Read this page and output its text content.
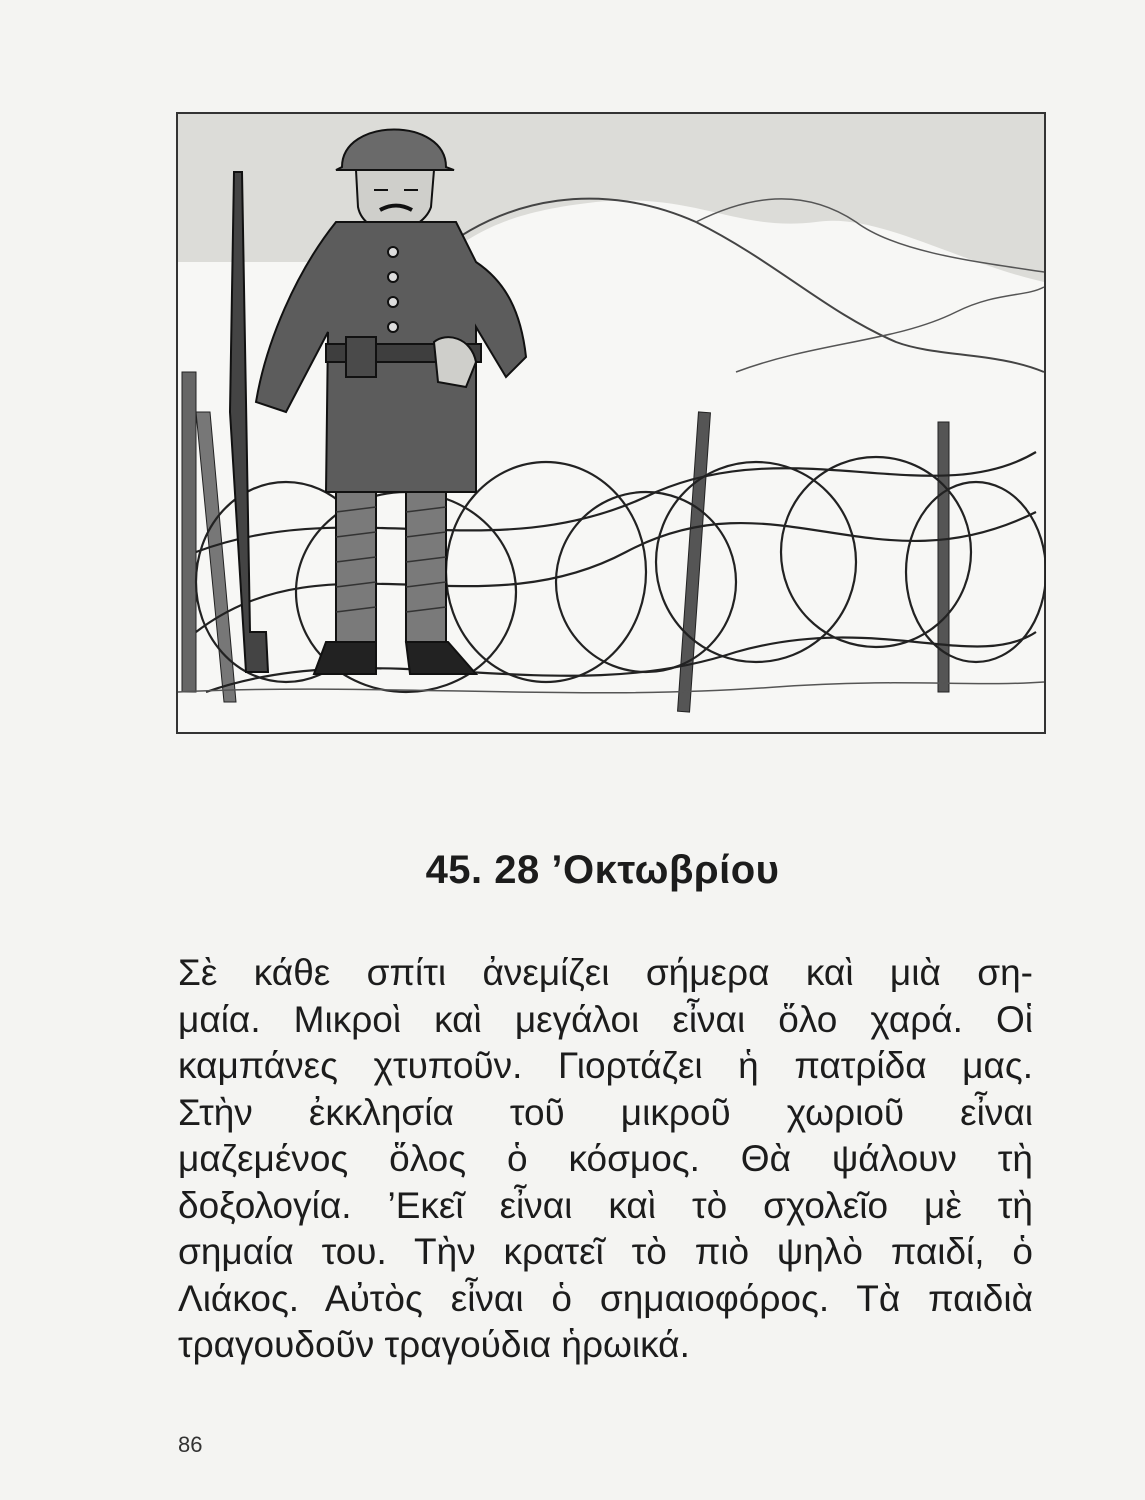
45. 28 ’Οκτωβρίου
Σὲ κάθε σπίτι ἀνεμίζει σήμερα καὶ μιὰ ση-
μαία. Μικροὶ καὶ μεγάλοι εἶναι ὅλο χαρά. Οἱ
καμπάνες χτυποῦν. Γιορτάζει ἡ πατρίδα μας.
Στὴν ἐκκλησία τοῦ μικροῦ χωριοῦ εἶναι
μαζεμένος ὅλος ὁ κόσμος. Θὰ ψάλουν τὴ
δοξολογία. ’Εκεῖ εἶναι καὶ τὸ σχολεῖο μὲ τὴ
σημαία του. Τὴν κρατεῖ τὸ πιὸ ψηλὸ παιδί, ὁ
Λιάκος. Αὐτὸς εἶναι ὁ σημαιοφόρος. Τὰ παιδιὰ
τραγουδοῦν τραγούδια ἡρωικά.
86
